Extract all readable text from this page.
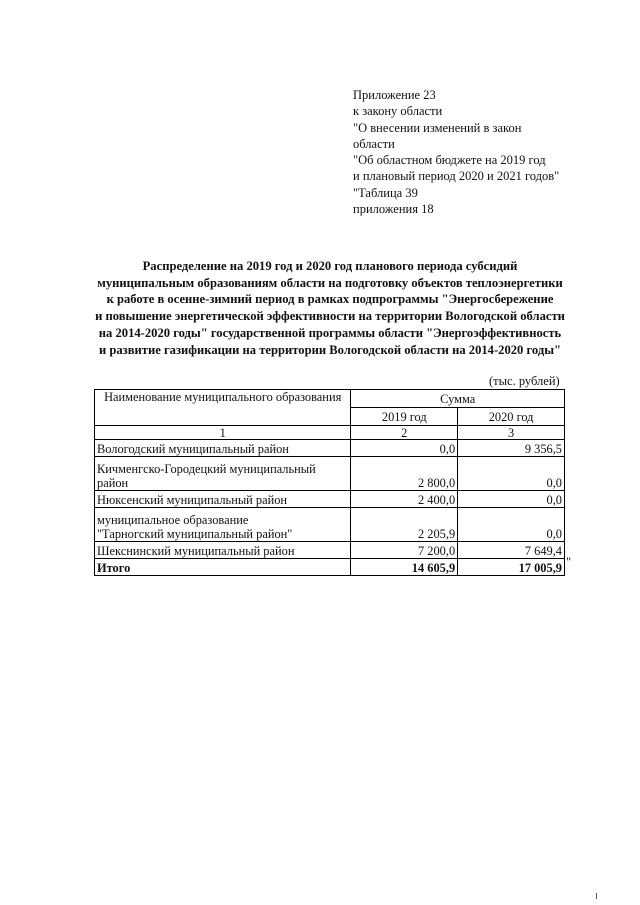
Приложение 23
к закону области
"О внесении изменений в закон
области
"Об областном бюджете на 2019 год
и плановый период 2020 и 2021 годов"
"Таблица 39
приложения 18
Распределение на 2019 год и 2020 год планового периода субсидий
муниципальным образованиям области на подготовку объектов теплоэнергетики
к работе в осенне-зимний период в рамках подпрограммы "Энергосбережение
и повышение энергетической эффективности на территории Вологодской области
на 2014-2020 годы" государственной программы области "Энергоэффективность
и развитие газификации на территории Вологодской области на 2014-2020 годы"
(тыс. рублей)
Наименование муниципального образования	Сумма	
	2019 год	2020 год
1	2	3
Вологодский муниципальный район	0,0	9 356,5
Кичменгско-Городецкий муниципальный
район	2 800,0	0,0
Нюксенский муниципальный район	2 400,0	0,0
муниципальное образование
"Тарногский муниципальный район"	2 205,9	0,0
Шекснинский муниципальный район	7 200,0	7 649,4
Итого	14 605,9	17 005,9 "
